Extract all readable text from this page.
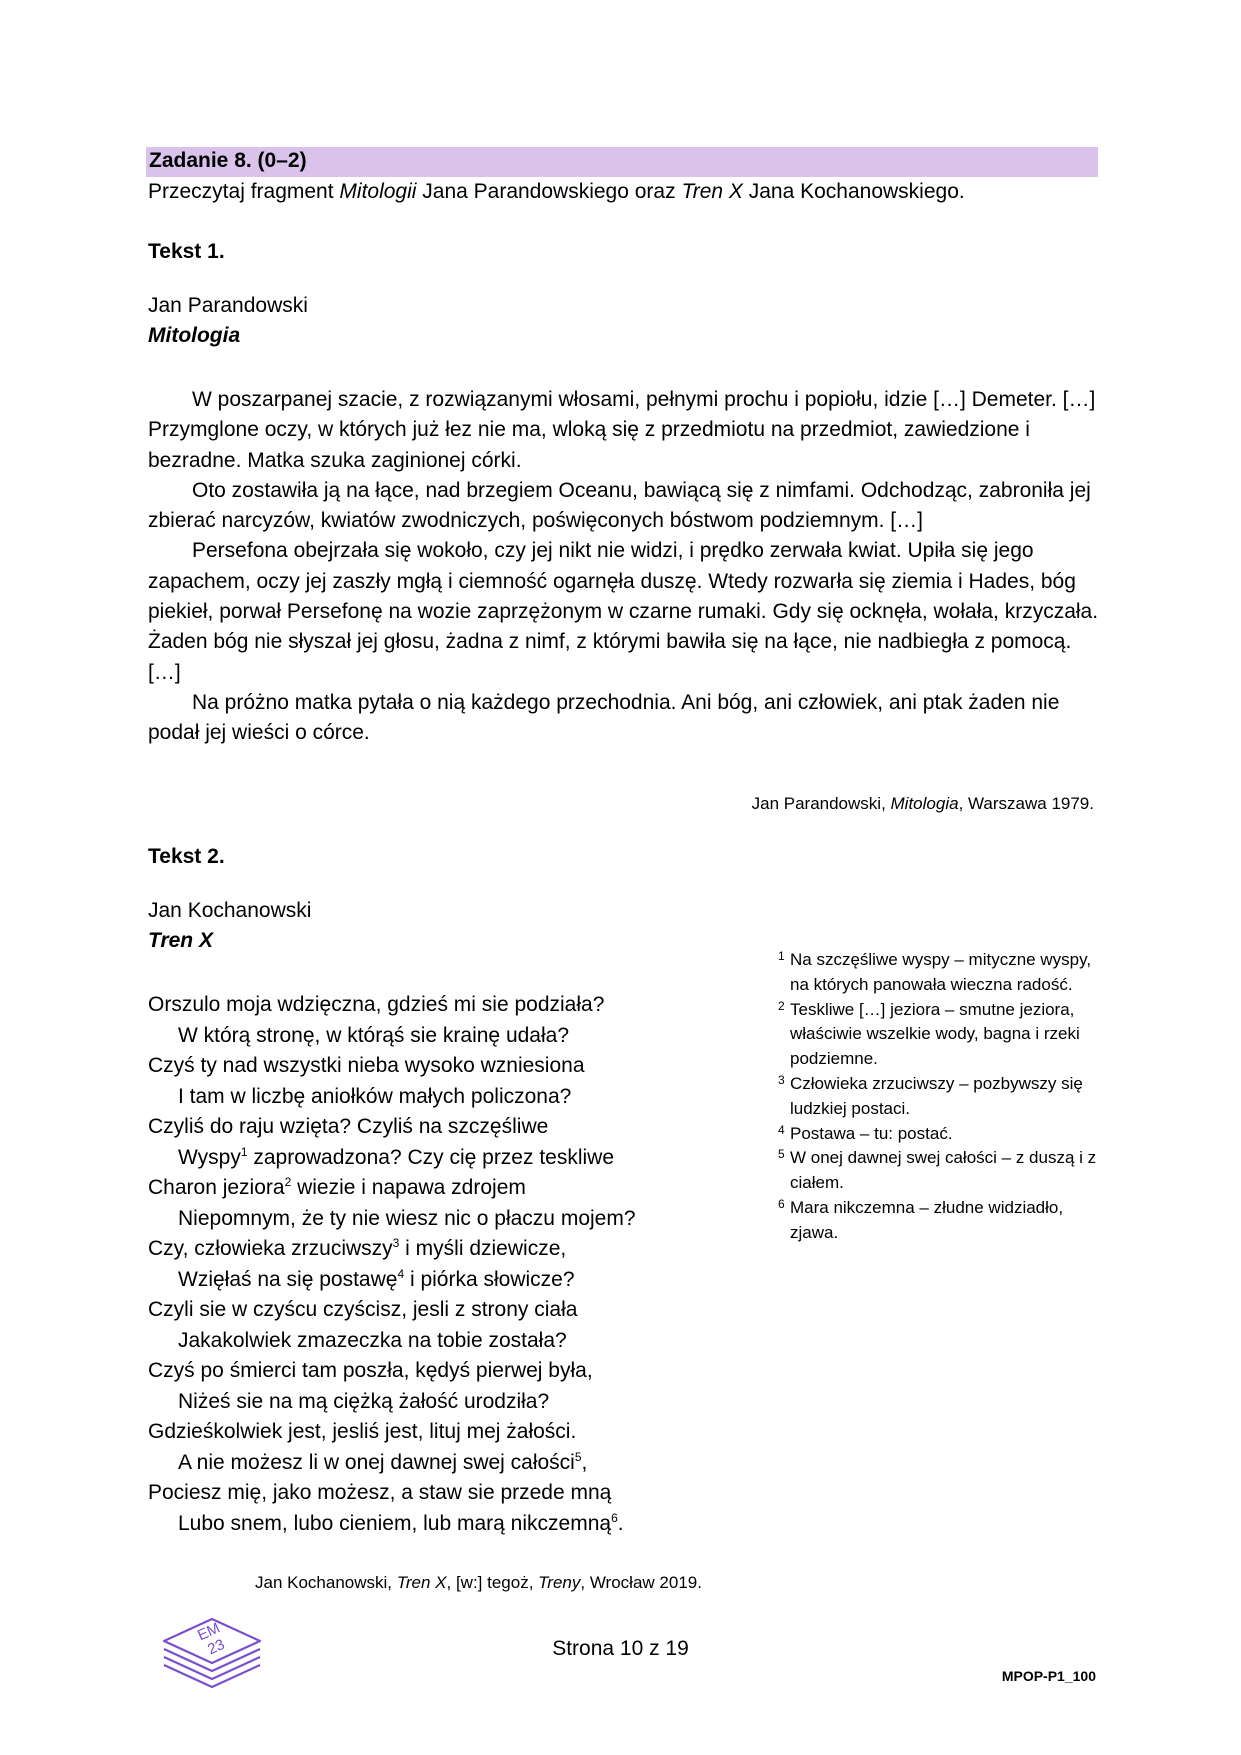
Zadanie 8. (0–2)
Przeczytaj fragment Mitologii Jana Parandowskiego oraz Tren X Jana Kochanowskiego.
Tekst 1.
Jan Parandowski
Mitologia

W poszarpanej szacie, z rozwiązanymi włosami, pełnymi prochu i popiołu, idzie […] Demeter. […] Przymglone oczy, w których już łez nie ma, wloką się z przedmiotu na przedmiot, zawiedzione i bezradne. Matka szuka zaginionej córki.

Oto zostawiła ją na łące, nad brzegiem Oceanu, bawiącą się z nimfami. Odchodząc, zabroniła jej zbierać narcyzów, kwiatów zwodniczych, poświęconych bóstwom podziemnym. […]

Persefona obejrzała się wokoło, czy jej nikt nie widzi, i prędko zerwała kwiat. Upiła się jego zapachem, oczy jej zaszły mgłą i ciemność ogarnęła duszę. Wtedy rozwarła się ziemia i Hades, bóg piekieł, porwał Persefonę na wozie zaprzężonym w czarne rumaki. Gdy się ocknęła, wołała, krzyczała. Żaden bóg nie słyszał jej głosu, żadna z nimf, z którymi bawiła się na łące, nie nadbiegła z pomocą. […]

Na próżno matka pytała o nią każdego przechodnia. Ani bóg, ani człowiek, ani ptak żaden nie podał jej wieści o córce.

Jan Parandowski, Mitologia, Warszawa 1979.
Tekst 2.
Jan Kochanowski
Tren X
Orszulo moja wdzięczna, gdzieś mi sie podziała?
W którą stronę, w którąś sie krainę udała?
Czyś ty nad wszystki nieba wysoko wzniesiona
I tam w liczbę aniołków małych policzona?
Czyliś do raju wzięta? Czyliś na szczęśliwe
Wyspy$^1$ zaprowadzona? Czy cię przez teskliwe
Charon jeziora$^2$ wiezie i napawa zdrojem
Niepomnym, że ty nie wiesz nic o płaczu mojem?
Czy, człowieka zrzuciwszy$^3$ i myśli dziewicze,
Wzięłaś na się postawę$^4$ i piórka słowicze?
Czyli sie w czyścu czyścisz, jesli z strony ciała
Jakakolwiek zmazeczka na tobie została?
Czyś po śmierci tam poszła, kędyś pierwej była,
Niżeś sie na mą ciężką żałość urodziła?
Gdzieśkolwiek jest, jesliś jest, lituj mej żałości.
A nie możesz li w onej dawnej swej całości$^5$,
Pociesz mię, jako możesz, a staw sie przede mną
Lubo snem, lubo cieniem, lub marą nikczemną$^6$.
1 Na szczęśliwe wyspy – mityczne wyspy, na których panowała wieczna radość.
2 Teskliwe […] jeziora – smutne jeziora, właściwie wszelkie wody, bagna i rzeki podziemne.
3 Człowieka zrzuciwszy – pozbywszy się ludzkiej postaci.
4 Postawa – tu: postać.
5 W onej dawnej swej całości – z duszą i z ciałem.
6 Mara nikczemna – złudne widziadło, zjawa.
Jan Kochanowski, Tren X, [w:] tegoż, Treny, Wrocław 2019.
EM
23	Strona 10 z 19
MPOP-P1_100
